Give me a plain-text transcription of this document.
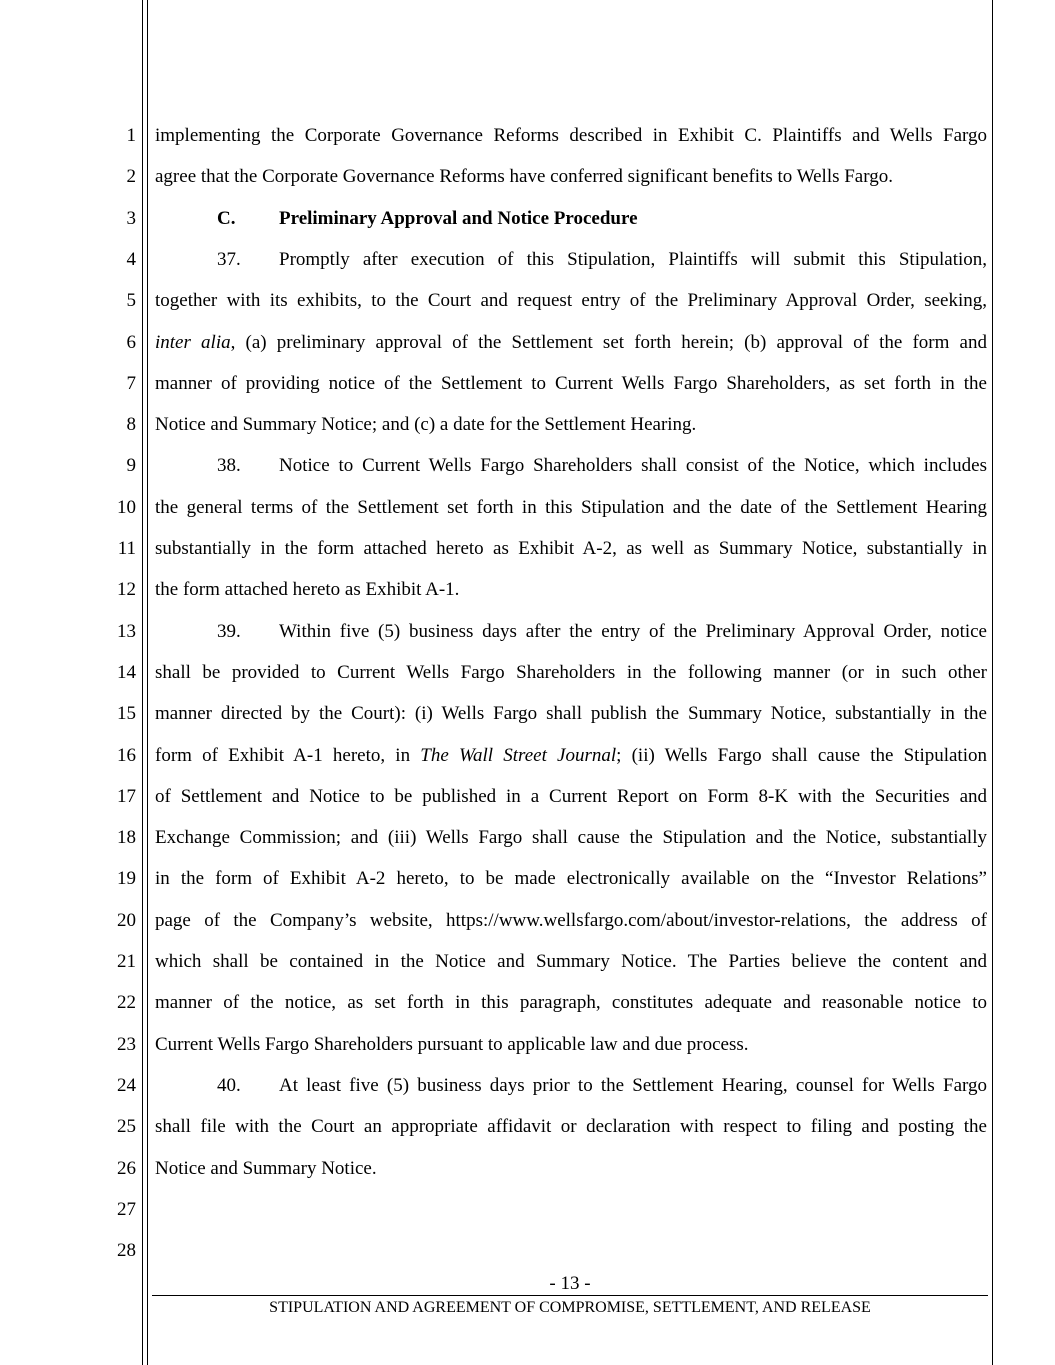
1
2
3
4
5
6
7
8
9
10
11
12
13
14
15
16
17
18
19
20
21
22
23
24
25
26
27
28
implementing the Corporate Governance Reforms described in Exhibit C. Plaintiffs and Wells Fargo
agree that the Corporate Governance Reforms have conferred significant benefits to Wells Fargo.
C. Preliminary Approval and Notice Procedure
37. Promptly after execution of this Stipulation, Plaintiffs will submit this Stipulation,
together with its exhibits, to the Court and request entry of the Preliminary Approval Order, seeking,
inter alia, (a) preliminary approval of the Settlement set forth herein; (b) approval of the form and
manner of providing notice of the Settlement to Current Wells Fargo Shareholders, as set forth in the
Notice and Summary Notice; and (c) a date for the Settlement Hearing.
38. Notice to Current Wells Fargo Shareholders shall consist of the Notice, which includes
the general terms of the Settlement set forth in this Stipulation and the date of the Settlement Hearing
substantially in the form attached hereto as Exhibit A-2, as well as Summary Notice, substantially in
the form attached hereto as Exhibit A-1.
39. Within five (5) business days after the entry of the Preliminary Approval Order, notice
shall be provided to Current Wells Fargo Shareholders in the following manner (or in such other
manner directed by the Court): (i) Wells Fargo shall publish the Summary Notice, substantially in the
form of Exhibit A-1 hereto, in The Wall Street Journal; (ii) Wells Fargo shall cause the Stipulation
of Settlement and Notice to be published in a Current Report on Form 8-K with the Securities and
Exchange Commission; and (iii) Wells Fargo shall cause the Stipulation and the Notice, substantially
in the form of Exhibit A-2 hereto, to be made electronically available on the “Investor Relations”
page of the Company’s website, https://www.wellsfargo.com/about/investor-relations, the address of
which shall be contained in the Notice and Summary Notice. The Parties believe the content and
manner of the notice, as set forth in this paragraph, constitutes adequate and reasonable notice to
Current Wells Fargo Shareholders pursuant to applicable law and due process.
40. At least five (5) business days prior to the Settlement Hearing, counsel for Wells Fargo
shall file with the Court an appropriate affidavit or declaration with respect to filing and posting the
Notice and Summary Notice.
- 13 -
STIPULATION AND AGREEMENT OF COMPROMISE, SETTLEMENT, AND RELEASE
